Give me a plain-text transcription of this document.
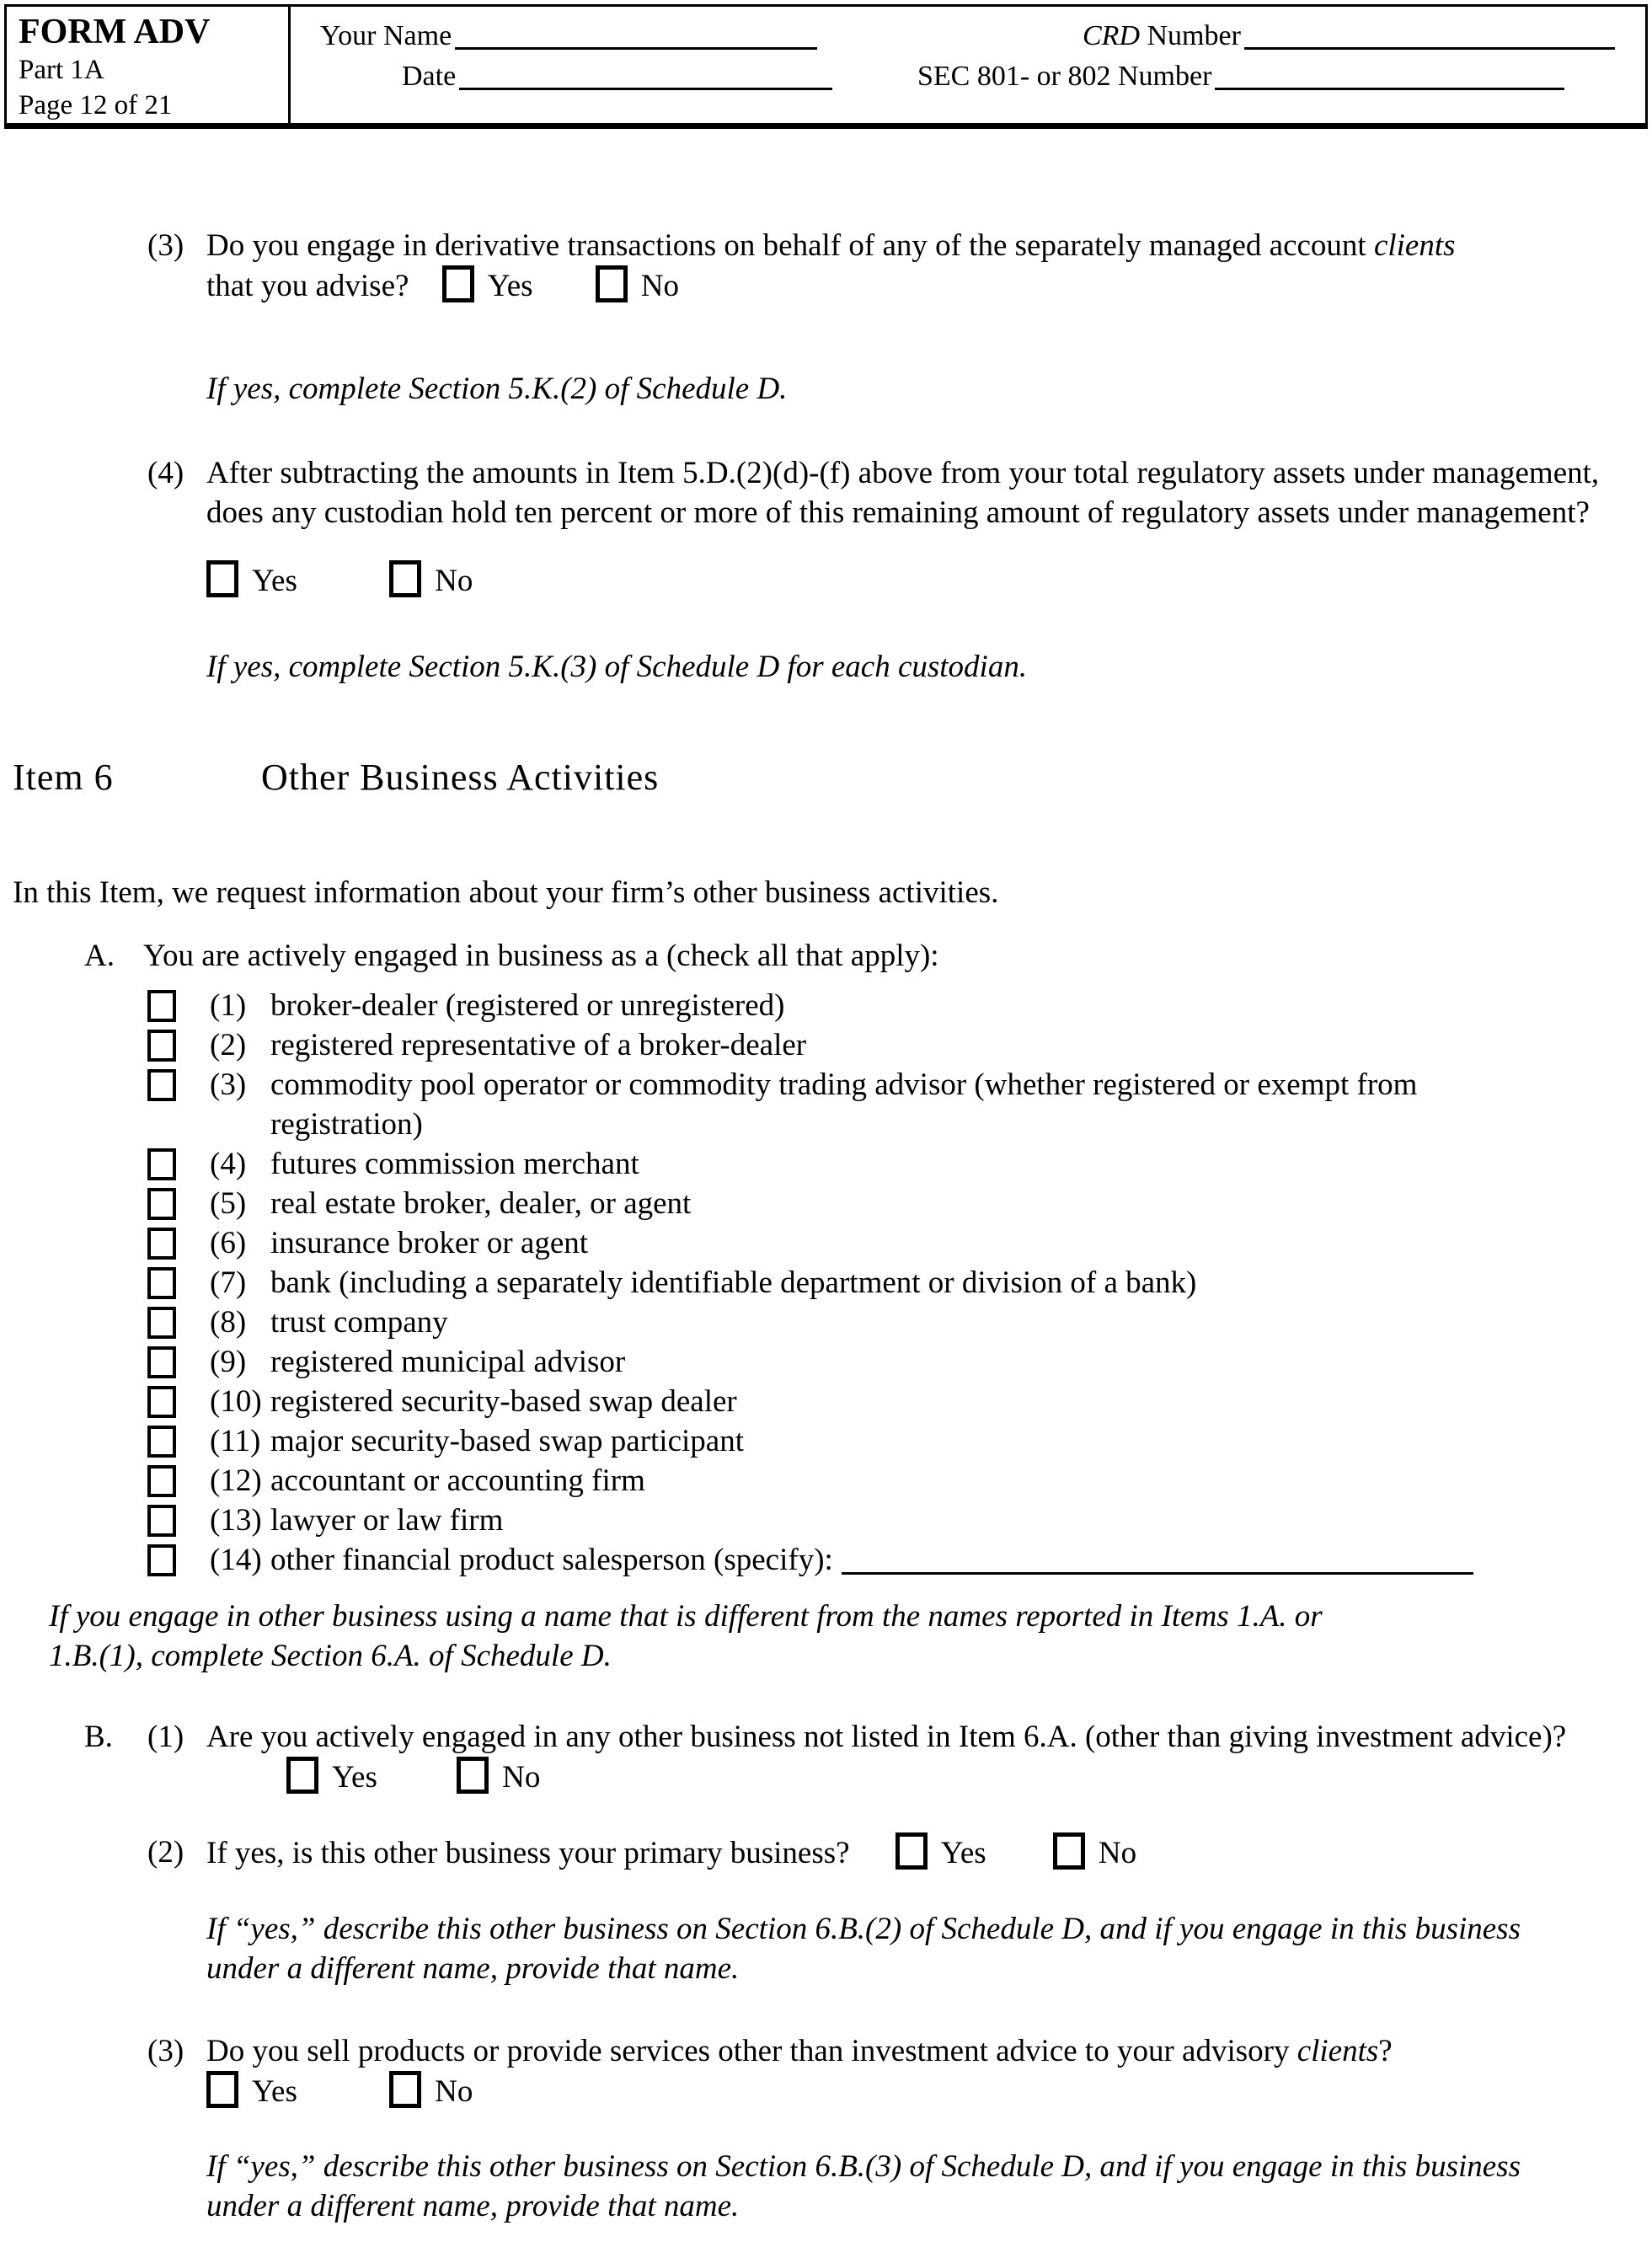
FORM ADV
Part 1A
Page 12 of 21
Your Name	CRD Number
Date	SEC 801- or 802 Number
(3) Do you engage in derivative transactions on behalf of any of the separately managed account clients
that you advise?	Yes	No
If yes, complete Section 5.K.(2) of Schedule D.
(4) After subtracting the amounts in Item 5.D.(2)(d)-(f) above from your total regulatory assets under management, does any custodian hold ten percent or more of this remaining amount of regulatory assets under management?
Yes	No
If yes, complete Section 5.K.(3) of Schedule D for each custodian.
Item 6	Other Business Activities
In this Item, we request information about your firm’s other business activities.
A. You are actively engaged in business as a (check all that apply):
(1) broker-dealer (registered or unregistered)
(2) registered representative of a broker-dealer
(3) commodity pool operator or commodity trading advisor (whether registered or exempt from registration)
(4) futures commission merchant
(5) real estate broker, dealer, or agent
(6) insurance broker or agent
(7) bank (including a separately identifiable department or division of a bank)
(8) trust company
(9) registered municipal advisor
(10) registered security-based swap dealer
(11) major security-based swap participant
(12) accountant or accounting firm
(13) lawyer or law firm
(14) other financial product salesperson (specify):
If you engage in other business using a name that is different from the names reported in Items 1.A. or 1.B.(1), complete Section 6.A. of Schedule D.
B.	(1) Are you actively engaged in any other business not listed in Item 6.A. (other than giving investment advice)? Yes	No
(2) If yes, is this other business your primary business?	Yes	No
If “yes,” describe this other business on Section 6.B.(2) of Schedule D, and if you engage in this business under a different name, provide that name.
(3) Do you sell products or provide services other than investment advice to your advisory clients?
Yes	No
If “yes,” describe this other business on Section 6.B.(3) of Schedule D, and if you engage in this business under a different name, provide that name.
